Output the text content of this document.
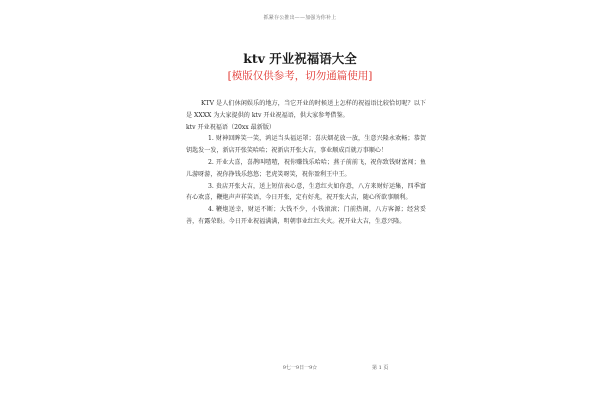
抓紧存公推出——加强为你补上
ktv 开业祝福语大全
[模版仅供参考，切勿通篇使用]

KTV 是人们休闲娱乐的地方，当它开业的时候送上怎样的祝福语比较恰切呢？以下是 XXXX 为大家提供的 ktv 开业祝福语，供大家参考借鉴。

ktv 开业祝福语（20xx 最新版）

1. 财神回眸笑一笑，鸿运当头福运罩；喜庆烟花放一放，生意兴隆永欢畅；恭贺钥匙发一发，新店开张笑哈哈；祝新店开张大吉，事业顺成百就万事顺心！

2. 开业大喜，喜鹊叫喳喳，祝你赚钱乐哈哈；燕子前前飞，祝你致钱财富闯；鱼儿游呀游，祝你挣钱乐悠悠；老虎笑呀笑，祝你盈利王中王。

3. 贵店开张大吉，送上短信表心意，生意红火如你意，八方来财好运集，四季富有心欢喜，鞭炮声声祥笑语，今日开张，定有好兆，祝开张大吉，随心所欲事顺利。

4. 鞭炮送幸，财运不断；大钱不少，小钱滚滚；门前热闹，八方客源；经营妥善，有露荣盼。今日开业祝福满满，明朝事业红红火火。祝开业大吉，生意兴隆。

9七一9日一9☆	第 1 页
